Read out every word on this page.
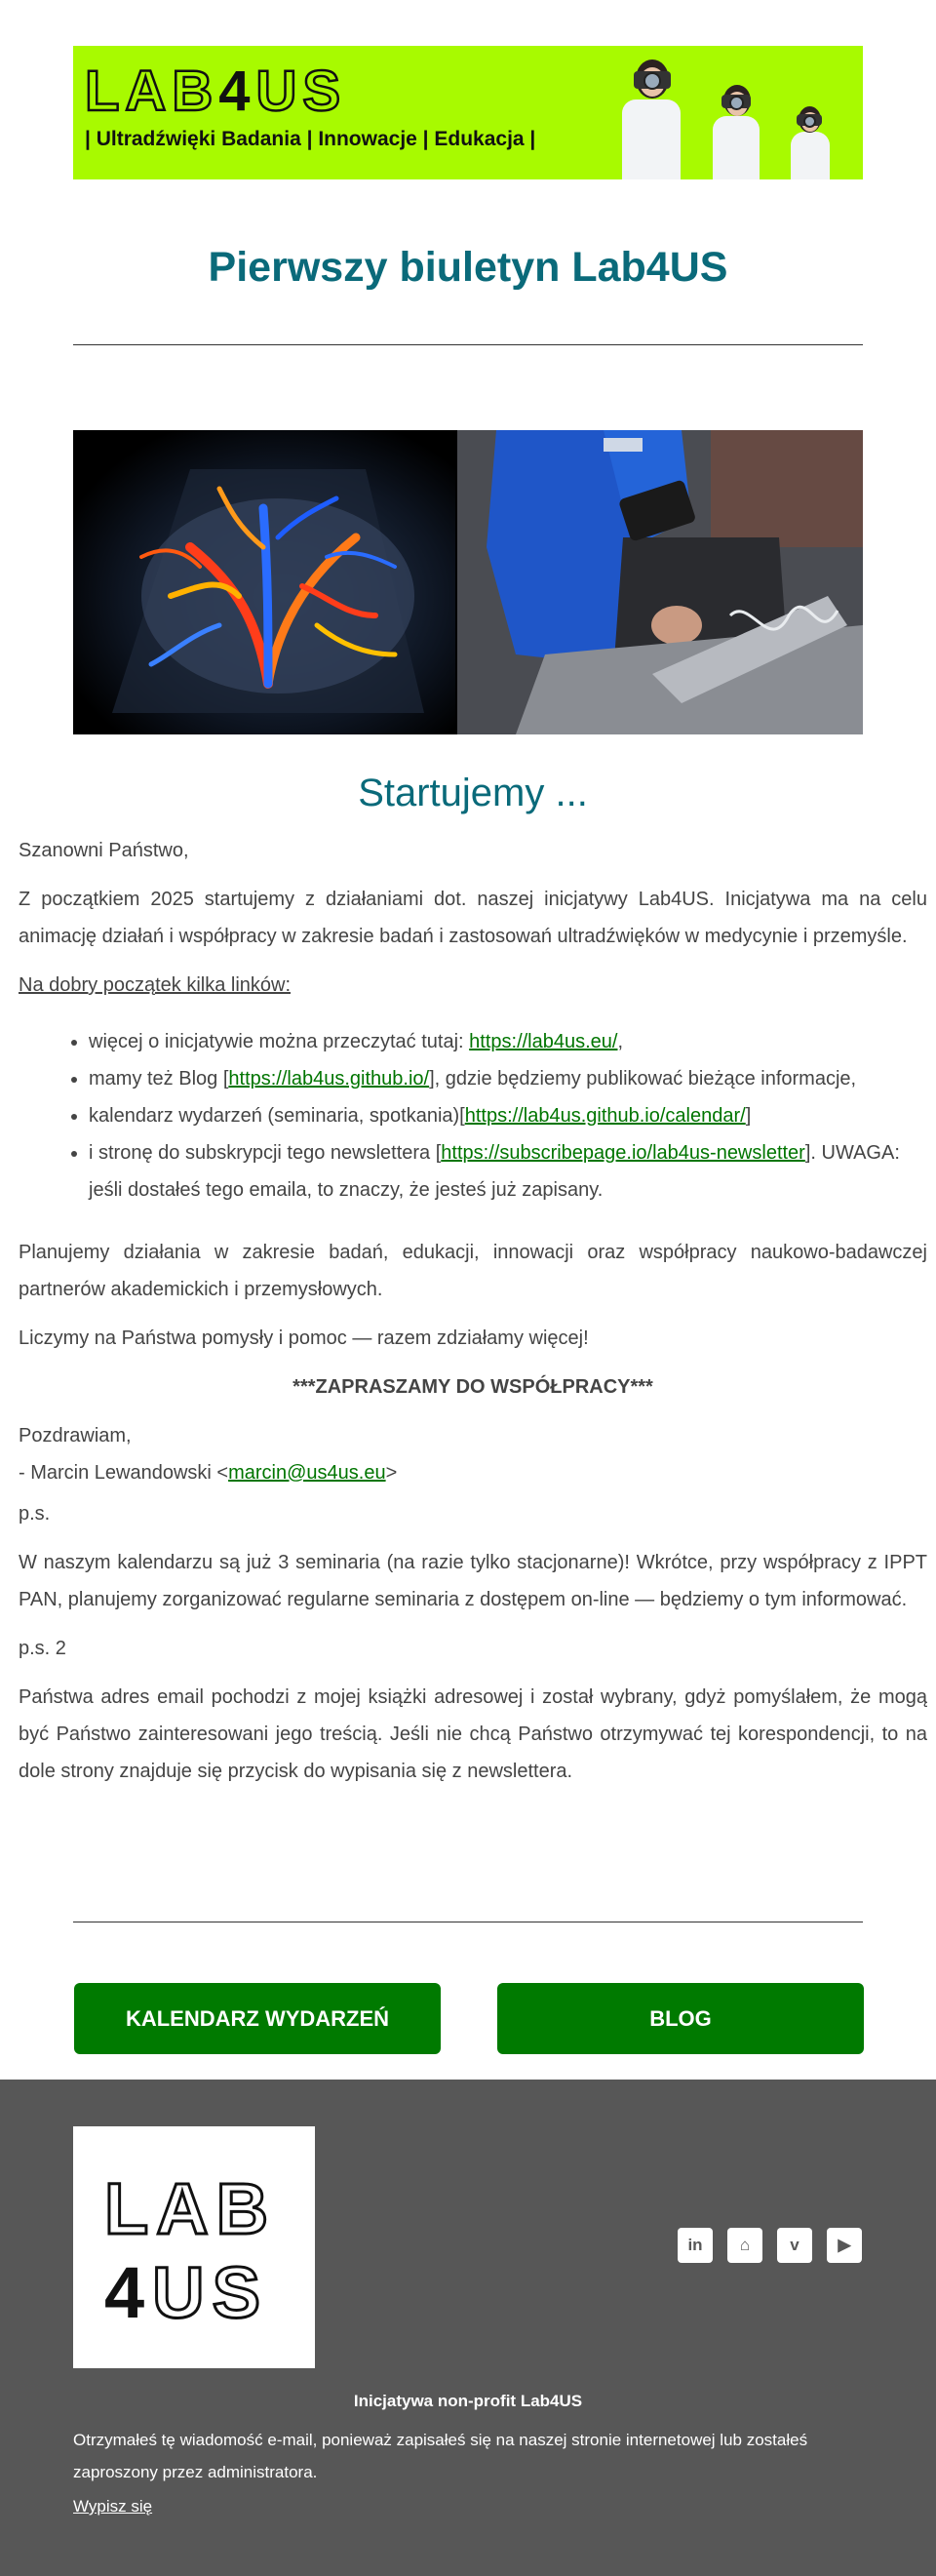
LAB4US
| Ultradźwięki Badania | Innowacje | Edukacja |
Pierwszy biuletyn Lab4US
Startujemy ...

Szanowni Państwo,

Z początkiem 2025 startujemy z działaniami dot. naszej inicjatywy Lab4US. Inicjatywa ma na celu animację działań i współpracy w zakresie badań i zastosowań ultradźwięków w medycynie i przemyśle.

Na dobry początek kilka linków:

• więcej o inicjatywie można przeczytać tutaj: https://lab4us.eu/,
• mamy też Blog [https://lab4us.github.io/], gdzie będziemy publikować bieżące informacje,
• kalendarz wydarzeń (seminaria, spotkania)[https://lab4us.github.io/calendar/]
• i stronę do subskrypcji tego newslettera [https://subscribepage.io/lab4us-newsletter]. UWAGA: jeśli dostałeś tego emaila, to znaczy, że jesteś już zapisany.

Planujemy działania w zakresie badań, edukacji, innowacji oraz współpracy naukowo-badawczej partnerów akademickich i przemysłowych.

Liczymy na Państwa pomysły i pomoc — razem zdziałamy więcej!

***ZAPRASZAMY DO WSPÓŁPRACY***

Pozdrawiam,
- Marcin Lewandowski <marcin@us4us.eu>

p.s.

W naszym kalendarzu są już 3 seminaria (na razie tylko stacjonarne)! Wkrótce, przy współpracy z IPPT PAN, planujemy zorganizować regularne seminaria z dostępem on-line — będziemy o tym informować.

p.s. 2

Państwa adres email pochodzi z mojej książki adresowej i został wybrany, gdyż pomyślałem, że mogą być Państwo zainteresowani jego treścią. Jeśli nie chcą Państwo otrzymywać tej korespondencji, to na dole strony znajduje się przycisk do wypisania się z newslettera.

KALENDARZ WYDARZEŃ	BLOG
LAB
4US
in ⌂ v ▶
Inicjatywa non-profit Lab4US
Otrzymałeś tę wiadomość e-mail, ponieważ zapisałeś się na naszej stronie internetowej lub zostałeś zaproszony przez administratora.
Wypisz się
